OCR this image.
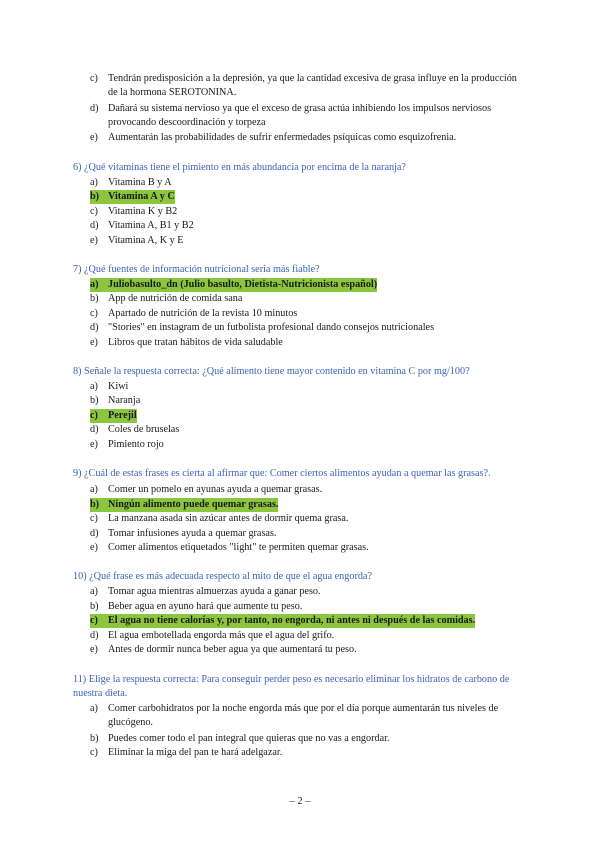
c) Tendrán predisposición a la depresión, ya que la cantidad excesiva de grasa influye en la producción de la hormona SEROTONINA.
d) Dañará su sistema nervioso ya que el exceso de grasa actúa inhibiendo los impulsos nerviosos provocando descoordinación y torpeza
e) Aumentarán las probabilidades de sufrir enfermedades psíquicas como esquizofrenia.
6) ¿Qué vitaminas tiene el pimiento en más abundancia por encima de la naranja?
a) Vitamina B y A
b) Vitamina A y C
c) Vitamina K y B2
d) Vitamina A, B1 y B2
e) Vitamina A, K y E
7) ¿Qué fuentes de información nutricional sería más fiable?
a) Juliobasulto_dn (Julio basulto, Dietista-Nutricionista español)
b) App de nutrición de comida sana
c) Apartado de nutrición de la revista 10 minutos
d) "Stories" en instagram de un futbolista profesional dando consejos nutricionales
e) Libros que tratan hábitos de vida saludable
8) Señale la respuesta correcta: ¿Qué alimento tiene mayor contenido en vitamina C por mg/100?
a) Kiwi
b) Naranja
c) Perejil
d) Coles de bruselas
e) Pimiento rojo
9) ¿Cuál de estas frases es cierta al afirmar que: Comer ciertos alimentos ayudan a quemar las grasas?.
a) Comer un pomelo en ayunas ayuda a quemar grasas.
b) Ningún alimento puede quemar grasas.
c) La manzana asada sin azúcar antes de dormir quema grasa.
d) Tomar infusiones ayuda a quemar grasas.
e) Comer alimentos etiquetados "light" te permiten quemar grasas.
10) ¿Qué frase es más adecuada respecto al mito de que el agua engorda?
a) Tomar agua mientras almuerzas ayuda a ganar peso.
b) Beber agua en ayuno hará que aumente tu peso.
c) El agua no tiene calorías y, por tanto, no engorda, ni antes ni después de las comidas.
d) El agua embotellada engorda más que el agua del grifo.
e) Antes de dormir nunca beber agua ya que aumentará tu peso.
11) Elige la respuesta correcta: Para conseguir perder peso es necesario eliminar los hidratos de carbono de nuestra dieta.
a) Comer carbohidratos por la noche engorda más que por el día porque aumentarán tus niveles de glucógeno.
b) Puedes comer todo el pan integral que quieras que no vas a engordar.
c) Eliminar la miga del pan te hará adelgazar.
– 2 –
